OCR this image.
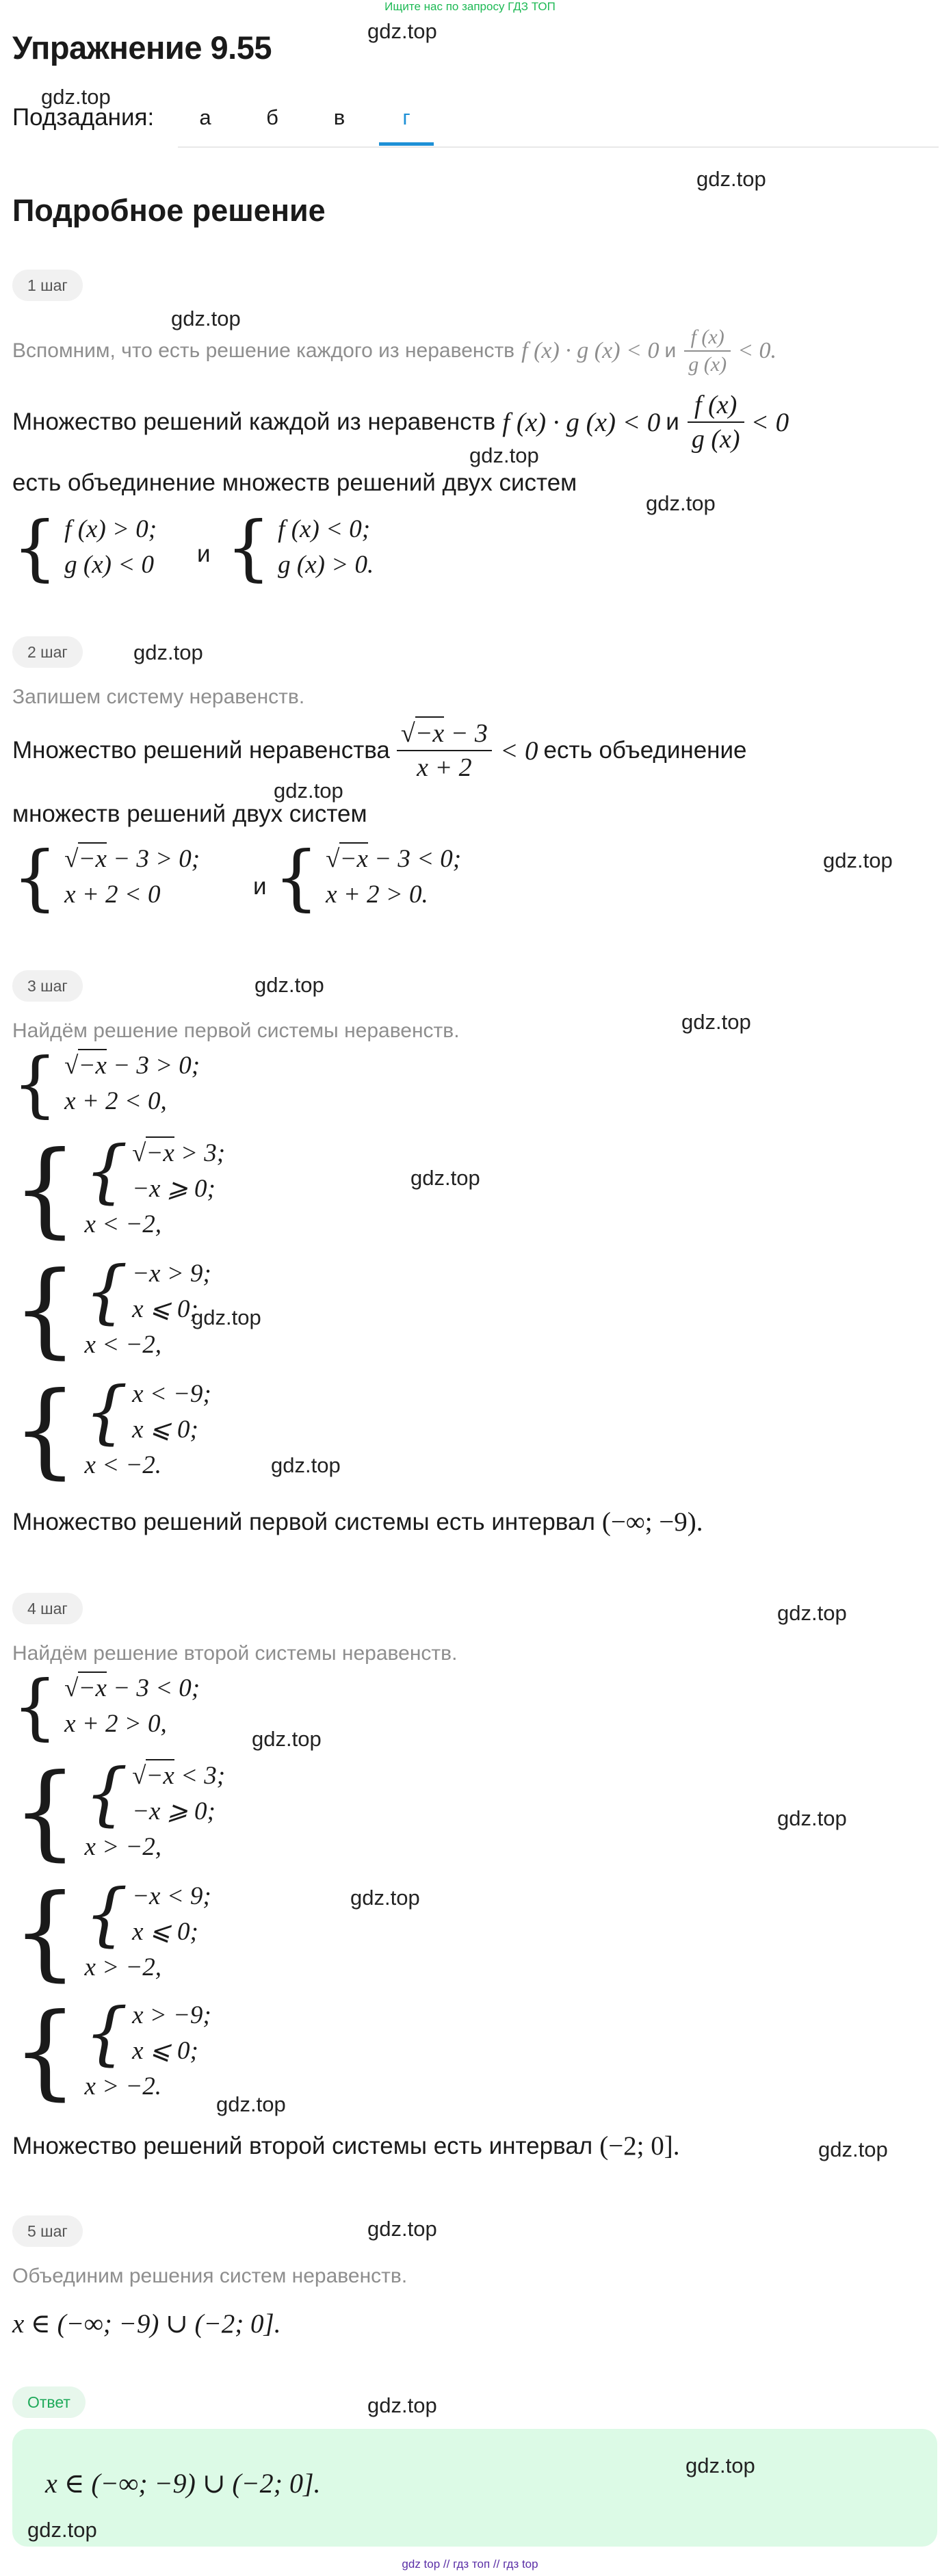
Ищите нас по запросу ГДЗ ТОП
Упражнение 9.55	gdz.top
gdz.top
Подзадания:	а	б	в	г
gdz.top
Подробное решение
1 шаг
gdz.top
Вспомним, что есть решение каждого из неравенств f (x) · g (x) < 0 и $\frac{f (x)}{g (x)} < 0$.
Множество решений каждой из неравенств f (x) · g (x) < 0 и $\frac{f (x)}{g (x)} < 0$
gdz.top
есть объединение множеств решений двух систем
gdz.top
{ f (x) > 0;
g (x) < 0 и { f (x) < 0;
g (x) > 0.
2 шаг	gdz.top
Запишем систему неравенств.
Множество решений неравенства $\frac{√-x - 3}{x + 2} < 0$ есть объединение
gdz.top
множеств решений двух систем
gdz.top
{ √−x − 3 > 0;
x + 2 < 0	и { √−x − 3 < 0;
x + 2 > 0.
3 шаг	gdz.top
Найдём решение первой системы неравенств.	gdz.top
{ √−x − 3 > 0;
x + 2 < 0,
{ { √−x > 3;
−x ⩾ 0;
x < −2,
gdz.top
{ { −x > 9;
x ⩽ 0;
x < −2,
gdz.top
{ { x < −9;
x ⩽ 0;
x < −2.	gdz.top
Множество решений первой системы есть интервал (−∞; −9).
4 шаг	gdz.top
Найдём решение второй системы неравенств.
{ √−x − 3 < 0;
x + 2 > 0,
gdz.top
{ { √−x < 3;
−x ⩾ 0;
x > −2,
gdz.top
{ { −x < 9;
x ⩽ 0;
x > −2,
gdz.top
{ { x > −9;
x ⩽ 0;
x > −2.
gdz.top
Множество решений второй системы есть интервал (−2; 0].	gdz.top
5 шаг	gdz.top
Объединим решения систем неравенств.
x ∈ (−∞; −9) ∪ (−2; 0].
Ответ	gdz.top
x ∈ (−∞; −9) ∪ (−2; 0].
gdz.top
gdz.top
gdz top // гдз топ // гдз top
